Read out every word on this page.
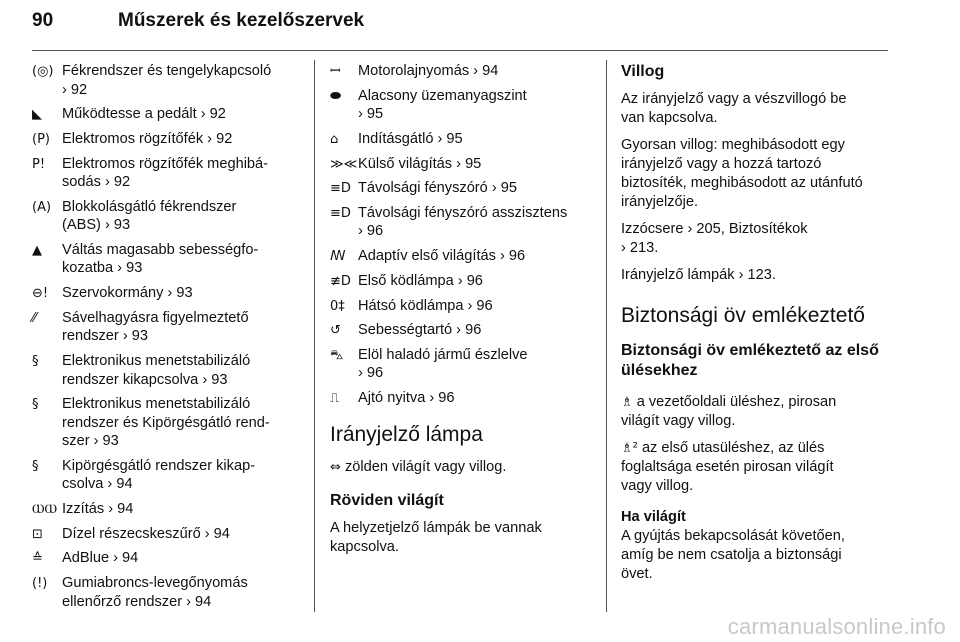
90	Műszerek és kezelőszervek
(◎) Fékrendszer és tengelykapcsoló
› 92
◣	Működtesse a pedált › 92
(P) Elektromos rögzítőfék › 92
P!	Elektromos rögzítőfék meghibá-
sodás › 92
(A) Blokkolásgátló fékrendszer
(ABS) › 93
▲	Váltás magasabb sebességfo-
kozatba › 93
⊖! Szervokormány › 93
⁄⁄	Sávelhagyásra figyelmeztető
rendszer › 93
§	Elektronikus menetstabilizáló
rendszer kikapcsolva › 93
§	Elektronikus menetstabilizáló
rendszer és Kipörgésgátló rend-
szer › 93
§	Kipörgésgátló rendszer kikap-
csolva › 94
ⲰⲰ Izzítás › 94
⊡	Dízel részecskeszűrő › 94
≙	AdBlue › 94
(!)	Gumiabroncs-levegőnyomás
ellenőrző rendszer › 94
ꟷ	Motorolajnyomás › 94
⬬	Alacsony üzemanyagszint
› 95
⌂	Indításgátló › 95
≫≪ Külső világítás › 95
≡D Távolsági fényszóró › 95
≡D Távolsági fényszóró asszisztens
› 96
ꟿ Adaptív első világítás › 96
≢D Első ködlámpa › 96
0‡ Hátsó ködlámpa › 96
↺	Sebességtartó › 96
⛍ Elöl haladó jármű észlelve
› 96
⎍	Ajtó nyitva › 96
Irányjelző lámpa
⇔ zölden világít vagy villog.
Röviden világít
A helyzetjelző lámpák be vannak
kapcsolva.
Villog
Az irányjelző vagy a vészvillogó be
van kapcsolva.
Gyorsan villog: meghibásodott egy
irányjelző vagy a hozzá tartozó
biztosíték, meghibásodott az utánfutó
irányjelzője.
Izzócsere › 205, Biztosítékok
› 213.
Irányjelző lámpák › 123.
Biztonsági öv emlékeztető
Biztonsági öv emlékeztető az első
ülésekhez
♗ a vezetőoldali üléshez, pirosan
világít vagy villog.
♗² az első utasüléshez, az ülés
foglaltsága esetén pirosan világít
vagy villog.
Ha világít
A gyújtás bekapcsolását követően,
amíg be nem csatolja a biztonsági
övet.
carmanualsonline.info
